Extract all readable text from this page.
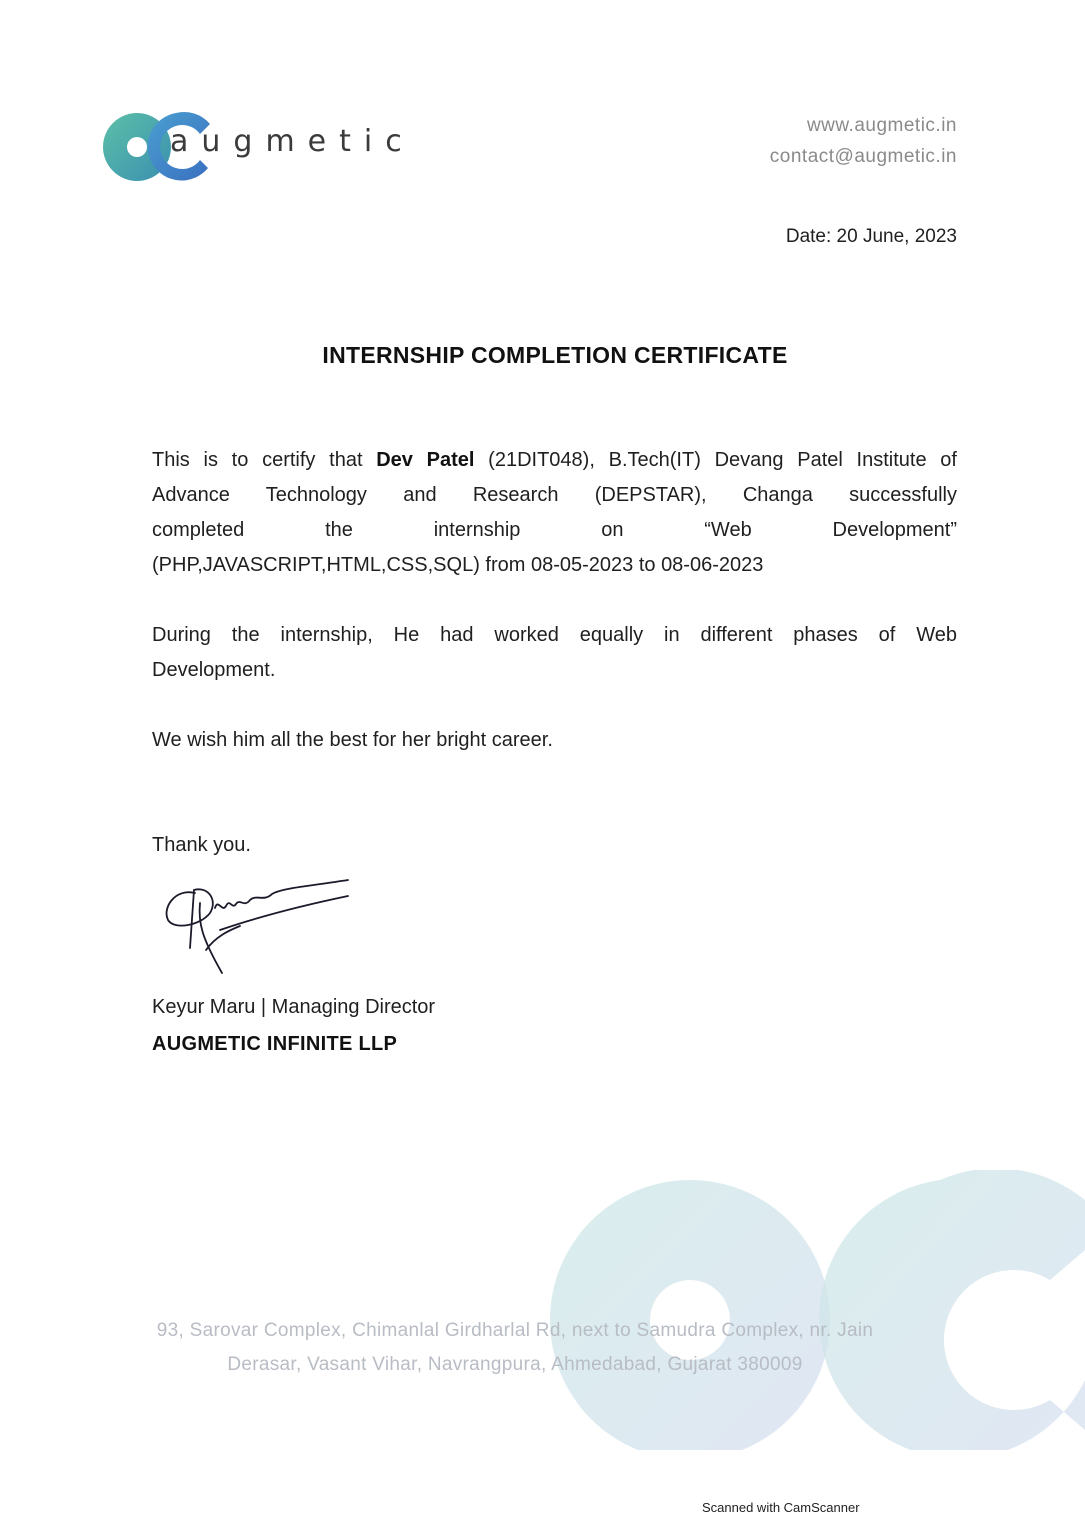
augmetic	www.augmetic.in
contact@augmetic.in
Date: 20 June, 2023
INTERNSHIP COMPLETION CERTIFICATE
This is to certify that Dev Patel (21DIT048), B.Tech(IT) Devang Patel Institute of
Advance Technology and Research (DEPSTAR), Changa successfully
completed the internship on “Web Development”
(PHP,JAVASCRIPT,HTML,CSS,SQL) from 08-05-2023 to 08-06-2023
During the internship, He had worked equally in different phases of Web
Development.
We wish him all the best for her bright career.
Thank you.
Keyur Maru | Managing Director
AUGMETIC INFINITE LLP
93, Sarovar Complex, Chimanlal Girdharlal Rd, next to Samudra Complex, nr. Jain
Derasar, Vasant Vihar, Navrangpura, Ahmedabad, Gujarat 380009
Scanned with CamScanner
